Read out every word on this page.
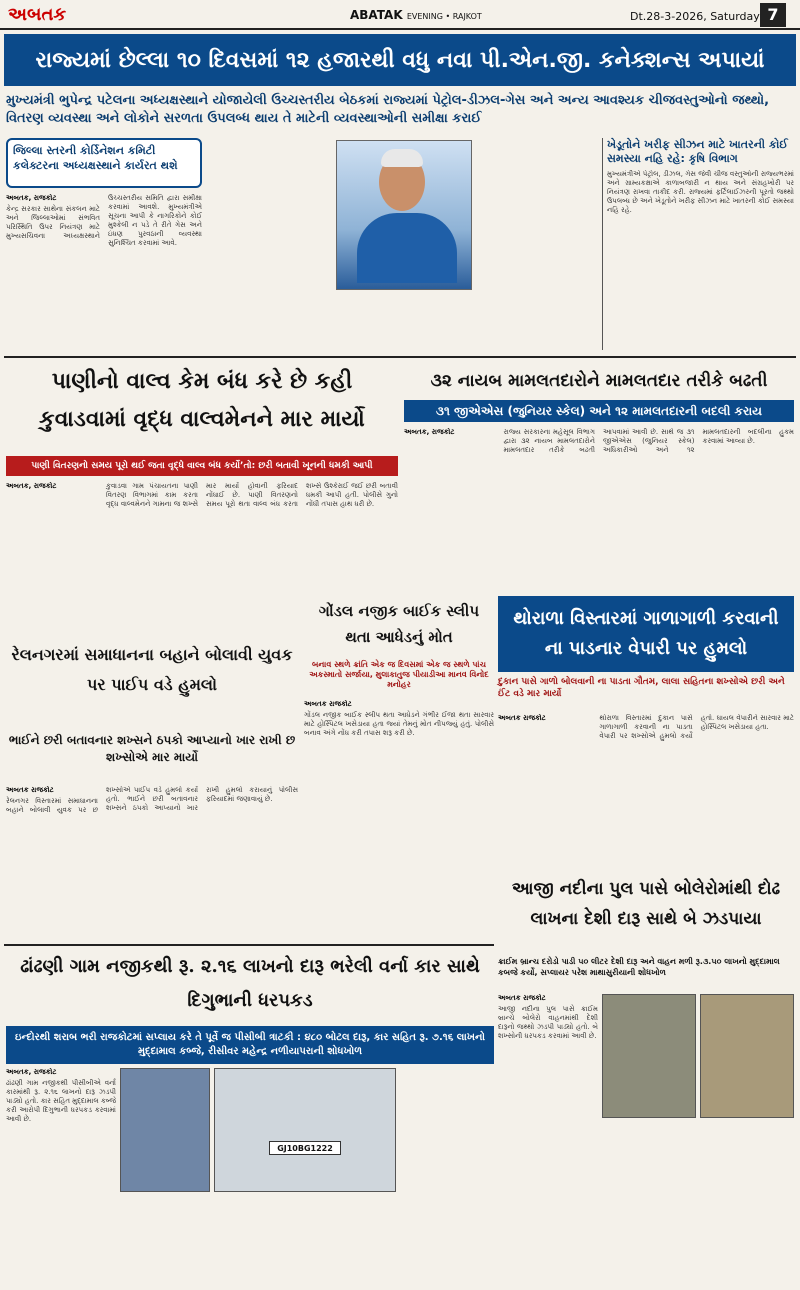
અબતક	ABATAK EVENING • RAJKOT	Dt.28-3-2026, Saturday 7
રાજ્યમાં છેલ્લા ૧૦ દિવસમાં ૧૨ હજારથી વધુ નવા પી.એન.જી. કનેક્શન્સ અપાયાં
મુખ્યમંત્રી ભુપેન્દ્ર પટેલના અધ્યક્ષસ્થાને યોજાયેલી ઉચ્ચસ્તરીય બેઠકમાં રાજ્યમાં પેટ્રોલ-ડીઝલ-ગેસ અને અન્ય આવશ્યક ચીજવસ્તુઓનો જથ્થો, વિતરણ વ્યવસ્થા અને લોકોને સરળતા ઉપલબ્ધ થાય તે માટેની વ્યવસ્થાઓની સમીક્ષા કરાઈ
જિલ્લા સ્તરની કોર્ડિનેશન કમિટી કલેક્ટરના અધ્યક્ષસ્થાને કાર્યરત થશે

અબતક, રાજકોટ

કેન્દ્ર સરકાર સાથેના સંકલન માટે અને જિલ્લાઓમાં સંભવિત પરિસ્થિતિ ઉપર નિયંત્રણ માટે મુખ્યસચિવના અધ્યક્ષસ્થાને ઉચ્ચસ્તરીય સમિતિ દ્વારા સમીક્ષા કરવામાં આવશે. મુખ્યમંત્રીએ સૂચના આપી કે નાગરિકોને કોઈ મુશ્કેલી ન પડે તે રીતે ગેસ અને ઇંધણ પુરવઠાની વ્યવસ્થા સુનિશ્ચિત કરવામાં આવે.

ખેડૂતોને ખરીફ સીઝન માટે ખાતરની કોઈ સમસ્યા નહિ રહે: કૃષિ વિભાગ
મુખ્યમંત્રીએ પેટ્રોલ, ડીઝલ, ગેસ જેવી ચીજ વસ્તુઓની રાજ્યભરમાં અને ગ્રામ્યકક્ષાએ કાળાબજારી ન થાય અને સંગ્રહખોરી પર નિયંત્રણ રાખવા તાકીદ કરી. રાજ્યમાં ફર્ટિલાઈઝરની પૂરતો જથ્થો ઉપલબ્ધ છે અને ખેડૂતોને ખરીફ સીઝન માટે ખાતરની કોઈ સમસ્યા નહિ રહે.
પાણીનો વાલ્વ કેમ બંધ કરે છે કહી કુવાડવામાં વૃદ્ધ વાલ્વમેનને માર માર્યો
પાણી વિતરણનો સમય પૂરો થઈ જતા વૃદ્ધે વાલ્વ બંધ કર્યો’તો: છરી બતાવી ખૂનની ધમકી આપી

અબતક, રાજકોટ	કુવાડવા ગામ પંચાયતના પાણી વિતરણ વિભાગમાં કામ કરતા વૃદ્ધ વાલ્વમેનને ગામના જ શખ્સે માર માર્યો હોવાની ફરિયાદ નોંધાઈ છે. પાણી વિતરણનો સમય પૂરો થતા વાલ્વ બંધ કરતા શખ્સે ઉશ્કેરાઈ જઈ છરી બતાવી ધમકી આપી હતી. પોલીસે ગુનો નોંધી તપાસ હાથ ધરી છે.

૩૨ નાયબ મામલતદારોને મામલતદાર તરીકે બઢતી
૩૧ જીએએસ (જુનિયર સ્કેલ) અને ૧૨ મામલતદારની બદલી કરાય

અબતક, રાજકોટ	રાજ્ય સરકારના મહેસૂલ વિભાગ દ્વારા ૩૨ નાયબ મામલતદારોને મામલતદાર તરીકે બઢતી આપવામાં આવી છે. સાથે જ ૩૧ જીએએસ (જુનિયર સ્કેલ) અધિકારીઓ અને ૧૨ મામલતદારની બદલીના હુકમ કરવામાં આવ્યા છે.

ગોંડલ નજીક બાઈક સ્લીપ થતા આધેડનું મોત
બનાવ સ્થળે ક્રાંતિ એક જ દિવસમાં એક જ સ્થળે પાંચ અકસ્માતો સર્જાયા, મુલાકાતુજ પીયાડીઆ માનવ વિનોદ મનોહર

અબતક રાજકોટ

ગોંડલ નજીક બાઈક સ્લીપ થતા આધેડને ગંભીર ઈજા થતા સારવાર માટે હોસ્પિટલ ખસેડાયા હતા જ્યાં તેમનું મોત નીપજ્યું હતું. પોલીસે બનાવ અંગે નોંધ કરી તપાસ શરૂ કરી છે.

થોરાળા વિસ્તારમાં ગાળાગાળી કરવાની ના પાડનાર વેપારી પર હુમલો
દુકાન પાસે ગાળો બોલવાની ના પાડતા ગૌતમ, લાલા સહિતના શખ્સોએ છરી અને ઈંટ વડે માર માર્યો

અબતક રાજકોટ	થોરાળા વિસ્તારમાં દુકાન પાસે ગાળાગાળી કરવાની ના પાડતા વેપારી પર શખ્સોએ હુમલો કર્યો હતો. ઘાયલ વેપારીને સારવાર માટે હોસ્પિટલ ખસેડાયા હતા.

રેલનગરમાં સમાધાનના બહાને બોલાવી યુવક પર પાઈપ વડે હુમલો
ભાઈને છરી બતાવનાર શખ્સને ઠપકો આપ્યાનો ખાર રાખી છ શખ્સોએ માર માર્યો

અબતક રાજકોટ

રેલનગર વિસ્તારમાં સમાધાનના બહાને બોલાવી યુવક પર છ શખ્સોએ પાઈપ વડે હુમલો કર્યો હતો. ભાઈને છરી બતાવનાર શખ્સને ઠપકો આપ્યાનો ખાર રાખી હુમલો કરાયાનું પોલીસ ફરિયાદમાં જણાવાયું છે.

આજી નદીના પુલ પાસે બોલેરોમાંથી દોઢ લાખના દેશી દારૂ સાથે બે ઝડપાયા
ક્રાઈમ બ્રાન્ચ દરોડો પાડી ૫૦ લીટર દેશી દારૂ અને વાહન મળી રૂ.૩.૫૦ લાખનો મુદ્દામાલ કબજે કર્યો, સપ્લાયર પરેશ માથાસુરીયાની શોધખોળ

અબતક રાજકોટ

આજી નદીના પુલ પાસે ક્રાઈમ બ્રાન્ચે બોલેરો વાહનમાંથી દેશી દારૂનો જથ્થો ઝડપી પાડ્યો હતો. બે શખ્સોની ધરપકડ કરવામાં આવી છે.

ઢાંઢણી ગામ નજીકથી રૂ. ૨.૧૬ લાખનો દારૂ ભરેલી વર્ના કાર સાથે દિગુભાની ધરપકડ
ઇન્દોરથી શરાબ ભરી રાજકોટમાં સપ્લાય કરે તે પૂર્વે જ પીસીબી ત્રાટકી : ૪૮૦ બોટલ દારૂ, કાર સહિત રૂ. ૭.૧૬ લાખનો મુદ્દામાલ કબ્જે, રીસીવર મહેન્દ્ર નળીયાપરાની શોધખોળ

અબતક, રાજકોટ

ઢાંઢણી ગામ નજીકથી પીસીબીએ વર્ના કારમાંથી રૂ. ૨.૧૬ લાખનો દારૂ ઝડપી પાડ્યો હતો. કાર સહિત મુદ્દામાલ કબ્જે કરી આરોપી દિગુભાની ધરપકડ કરવામાં આવી છે.

GJ10BG1222
